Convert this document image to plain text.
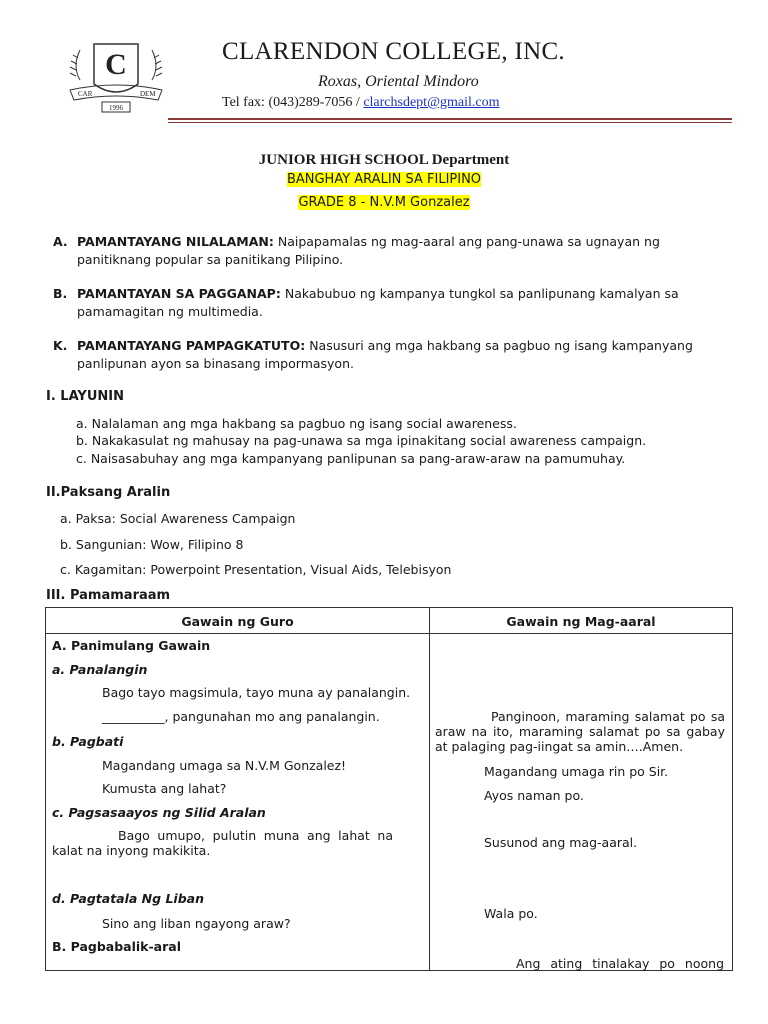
C
CAR	DEM
1996
CLARENDON COLLEGE, INC.
Roxas, Oriental Mindoro
Tel fax: (043)289-7056 / clarchsdept@gmail.com
JUNIOR HIGH SCHOOL Department
BANGHAY ARALIN SA FILIPINO
GRADE 8 - N.V.M Gonzalez
A. PAMANTAYANG NILALAMAN: Naipapamalas ng mag-aaral ang pang-unawa sa ugnayan ng
panitiknang popular sa panitikang Pilipino.
B. PAMANTAYAN SA PAGGANAP: Nakabubuo ng kampanya tungkol sa panlipunang kamalyan sa
pamamagitan ng multimedia.
K. PAMANTAYANG PAMPAGKATUTO: Nasusuri ang mga hakbang sa pagbuo ng isang kampanyang
panlipunan ayon sa binasang impormasyon.
I. LAYUNIN
a. Nalalaman ang mga hakbang sa pagbuo ng isang social awareness.
b. Nakakasulat ng mahusay na pag-unawa sa mga ipinakitang social awareness campaign.
c. Naisasabuhay ang mga kampanyang panlipunan sa pang-araw-araw na pamumuhay.
II.Paksang Aralin
a. Paksa: Social Awareness Campaign
b. Sangunian: Wow, Filipino 8
c. Kagamitan: Powerpoint Presentation, Visual Aids, Telebisyon
III. Pamamaraam
Gawain ng Guro	Gawain ng Mag-aaral
A. Panimulang Gawain
a. Panalangin
Bago tayo magsimula, tayo muna ay panalangin.
__________, pangunahan mo ang panalangin.
b. Pagbati
Magandang umaga sa N.V.M Gonzalez!
Kumusta ang lahat?
c. Pagsasaayos ng Silid Aralan
Bago umupo, pulutin muna ang lahat na kalat na inyong makikita.
d. Pagtatala Ng Liban
Sino ang liban ngayong araw?
B. Pagbabalik-aral
Panginoon, maraming salamat po sa araw na ito, maraming salamat po sa gabay at palaging pag-iingat sa amin….Amen.
Magandang umaga rin po Sir.
Ayos naman po.
Susunod ang mag-aaral.
Wala po.
Ang ating tinalakay po noong
